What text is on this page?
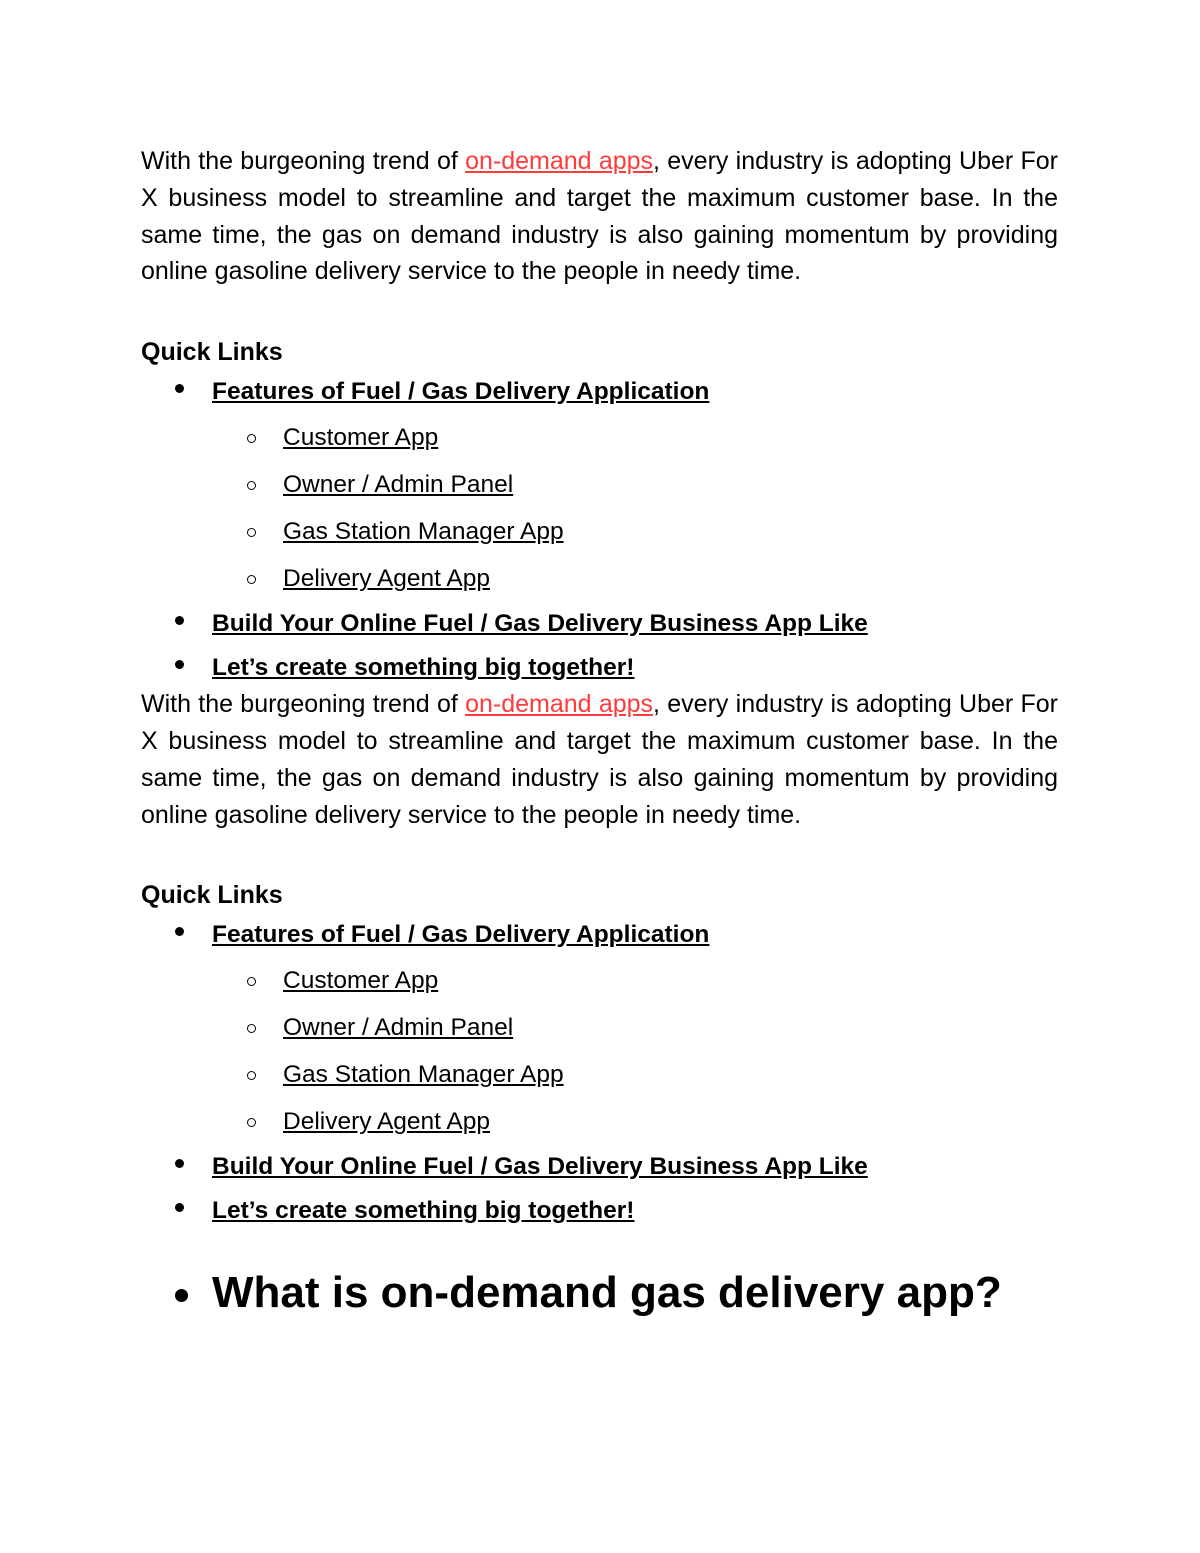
With the burgeoning trend of on-demand apps, every industry is adopting Uber For X business model to streamline and target the maximum customer base. In the same time, the gas on demand industry is also gaining momentum by providing online gasoline delivery service to the people in needy time.

Quick Links
Features of Fuel / Gas Delivery Application
Customer App
Owner / Admin Panel
Gas Station Manager App
Delivery Agent App
Build Your Online Fuel / Gas Delivery Business App Like
Let’s create something big together!

With the burgeoning trend of on-demand apps, every industry is adopting Uber For X business model to streamline and target the maximum customer base. In the same time, the gas on demand industry is also gaining momentum by providing online gasoline delivery service to the people in needy time.

Quick Links
Features of Fuel / Gas Delivery Application
Customer App
Owner / Admin Panel
Gas Station Manager App
Delivery Agent App
Build Your Online Fuel / Gas Delivery Business App Like
Let’s create something big together!
What is on-demand gas delivery app?
